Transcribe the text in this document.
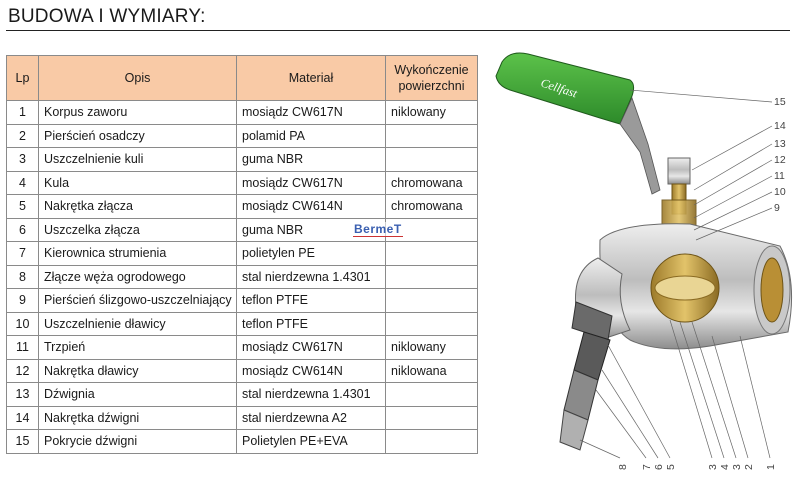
BUDOWA I WYMIARY:
Lp	Opis	Materiał	Wykończenie powierzchni
1	Korpus zaworu	mosiądz CW617N	niklowany
2	Pierścień osadczy	polamid PA	
3	Uszczelnienie kuli	guma NBR	
4	Kula	mosiądz CW617N	chromowana
5	Nakrętka złącza	mosiądz CW614N	chromowana
6	Uszczelka złącza	guma NBR	
7	Kierownica strumienia	polietylen PE	
8	Złącze węża ogrodowego	stal nierdzewna 1.4301	
9	Pierścień ślizgowo-uszczelniający	teflon PTFE	
10	Uszczelnienie dławicy	teflon PTFE	
11	Trzpień	mosiądz CW617N	niklowany
12	Nakrętka dławicy	mosiądz CW614N	niklowana
13	Dźwignia	stal nierdzewna 1.4301	
14	Nakrętka dźwigni	stal nierdzewna A2	
15	Pokrycie dźwigni	Polietylen PE+EVA	
BermeT
Cellfast
15
14
13
12
11
10
9
8 7 6 5	3 4 3 2 1
